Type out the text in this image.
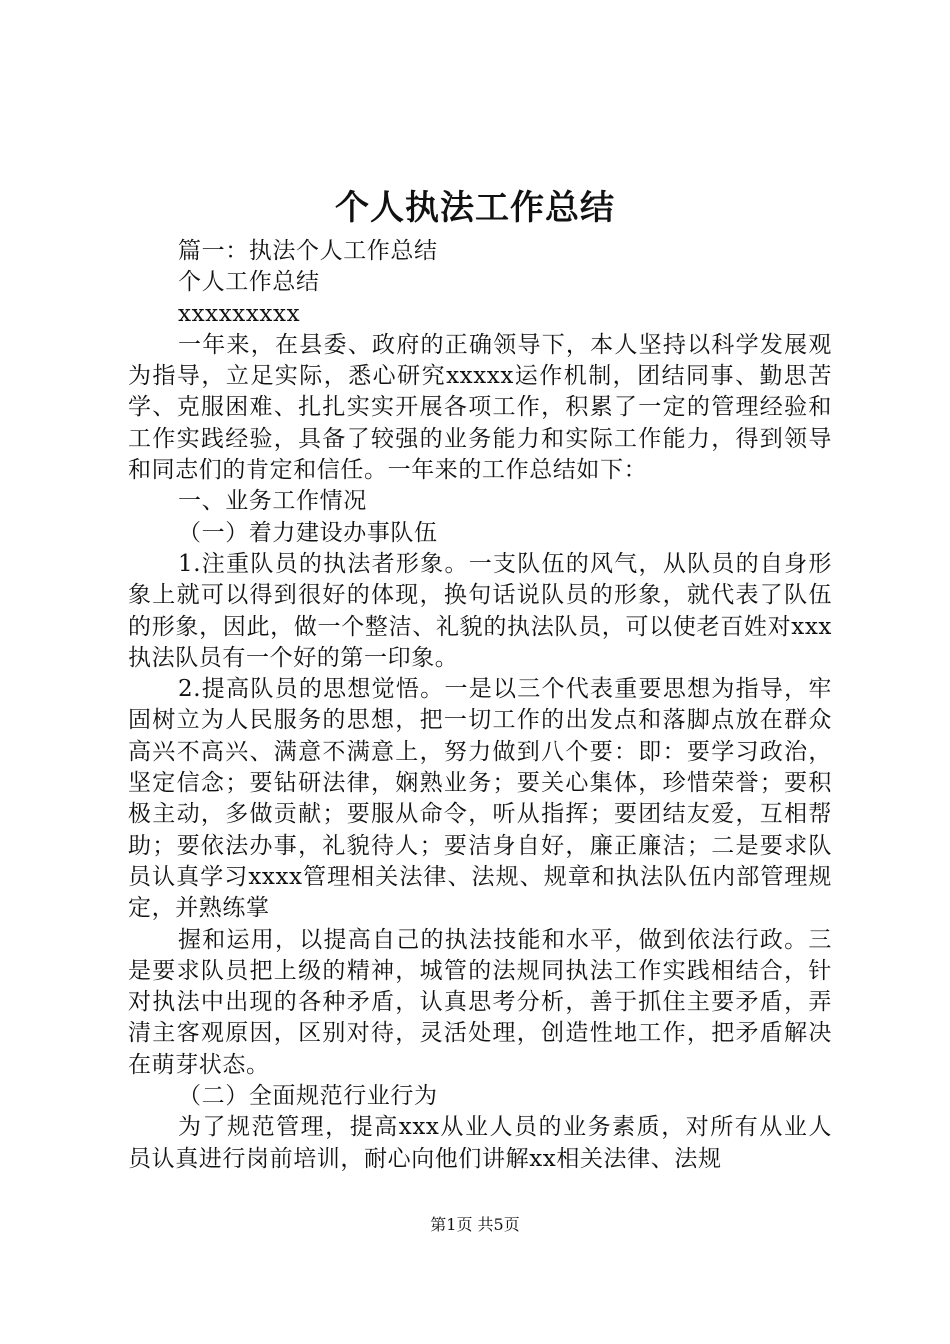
个人执法工作总结

篇一：执法个人工作总结

个人工作总结

xxxxxxxxx

一年来，在县委、政府的正确领导下，本人坚持以科学发展观为指导，立足实际，悉心研究xxxxx运作机制，团结同事、勤思苦学、克服困难、扎扎实实开展各项工作，积累了一定的管理经验和工作实践经验，具备了较强的业务能力和实际工作能力，得到领导和同志们的肯定和信任。一年来的工作总结如下：

一、业务工作情况

（一）着力建设办事队伍

1.注重队员的执法者形象。一支队伍的风气，从队员的自身形象上就可以得到很好的体现，换句话说队员的形象，就代表了队伍的形象，因此，做一个整洁、礼貌的执法队员，可以使老百姓对xxx执法队员有一个好的第一印象。

2.提高队员的思想觉悟。一是以三个代表重要思想为指导，牢固树立为人民服务的思想，把一切工作的出发点和落脚点放在群众高兴不高兴、满意不满意上，努力做到八个要：即：要学习政治，坚定信念；要钻研法律，娴熟业务；要关心集体，珍惜荣誉；要积极主动，多做贡献；要服从命令，听从指挥；要团结友爱，互相帮助；要依法办事，礼貌待人；要洁身自好，廉正廉洁；二是要求队员认真学习xxxx管理相关法律、法规、规章和执法队伍内部管理规定，并熟练掌

握和运用，以提高自己的执法技能和水平，做到依法行政。三是要求队员把上级的精神，城管的法规同执法工作实践相结合，针对执法中出现的各种矛盾，认真思考分析，善于抓住主要矛盾，弄清主客观原因，区别对待，灵活处理，创造性地工作，把矛盾解决在萌芽状态。

（二）全面规范行业行为

为了规范管理，提高xxx从业人员的业务素质，对所有从业人员认真进行岗前培训，耐心向他们讲解xx相关法律、法规

第1页 共5页
